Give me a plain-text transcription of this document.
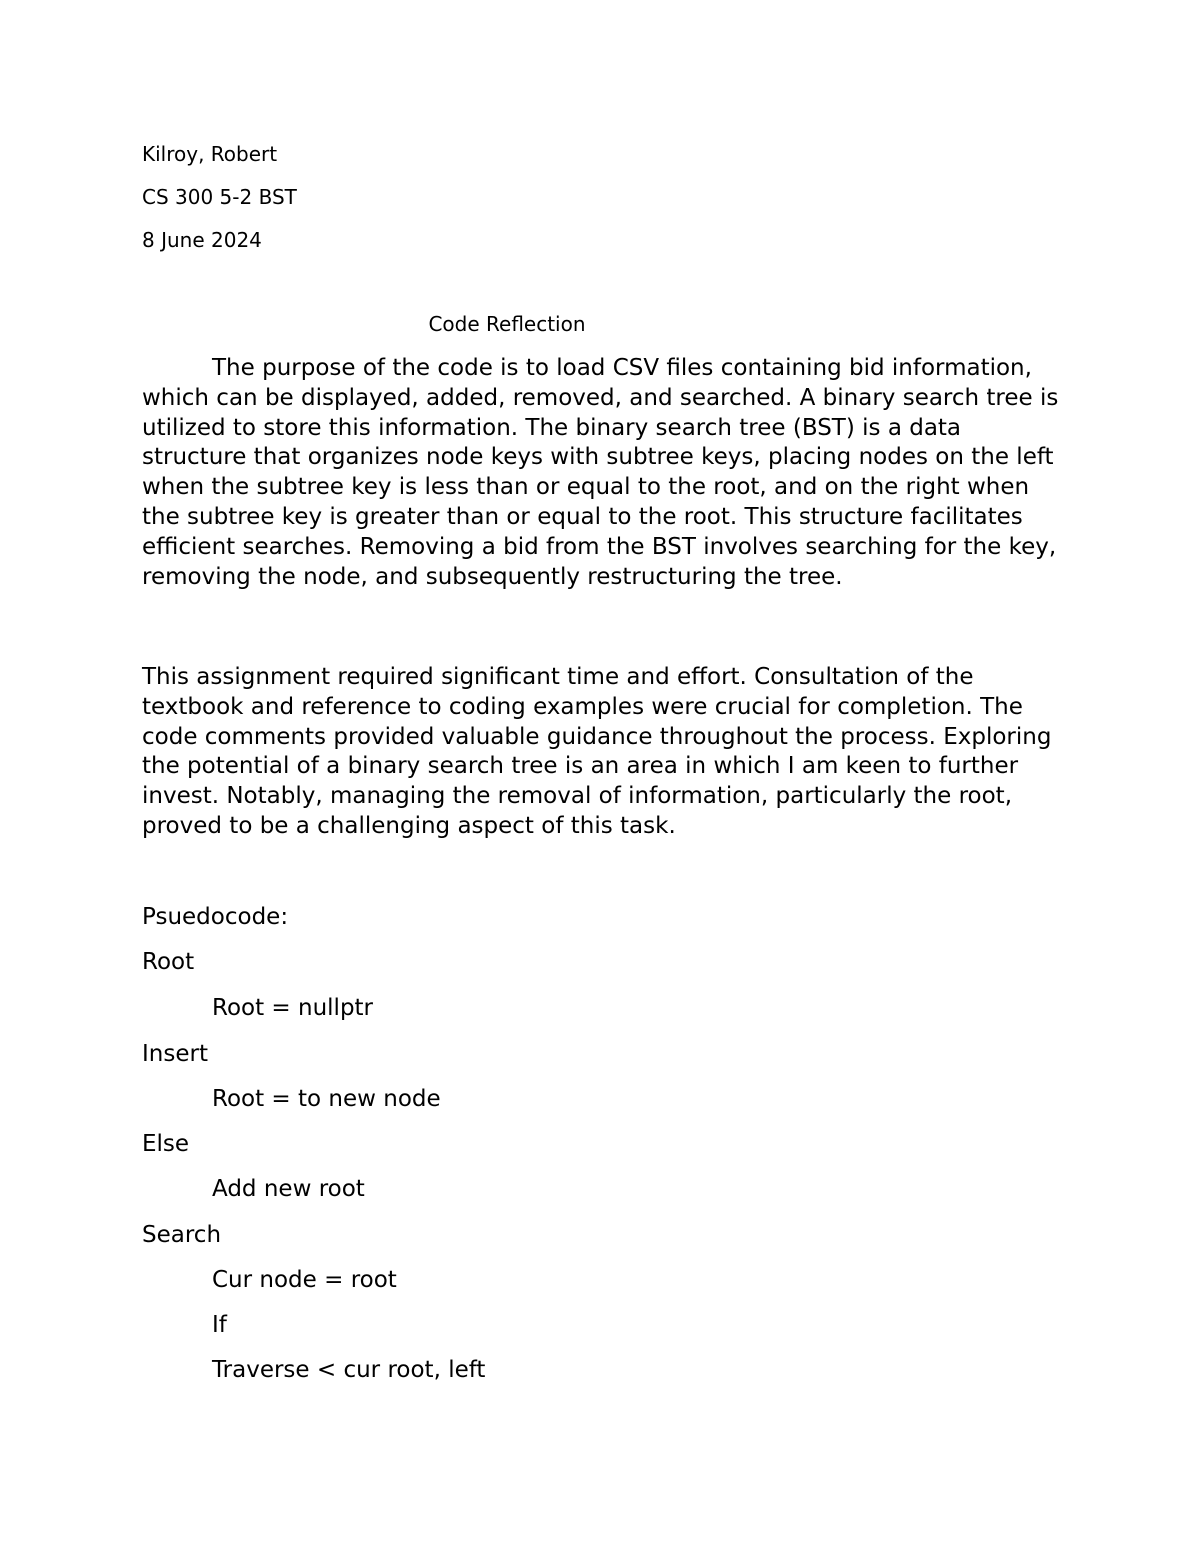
Kilroy, Robert
CS 300 5-2 BST
8 June 2024
Code Reflection

The purpose of the code is to load CSV files containing bid information, which can be displayed, added, removed, and searched. A binary search tree is utilized to store this information. The binary search tree (BST) is a data structure that organizes node keys with subtree keys, placing nodes on the left when the subtree key is less than or equal to the root, and on the right when the subtree key is greater than or equal to the root. This structure facilitates efficient searches. Removing a bid from the BST involves searching for the key, removing the node, and subsequently restructuring the tree.

This assignment required significant time and effort. Consultation of the textbook and reference to coding examples were crucial for completion. The code comments provided valuable guidance throughout the process. Exploring the potential of a binary search tree is an area in which I am keen to further invest. Notably, managing the removal of information, particularly the root, proved to be a challenging aspect of this task.

Psuedocode:
Root
Root = nullptr
Insert
Root = to new node
Else
Add new root
Search
Cur node = root
If
Traverse < cur root, left
